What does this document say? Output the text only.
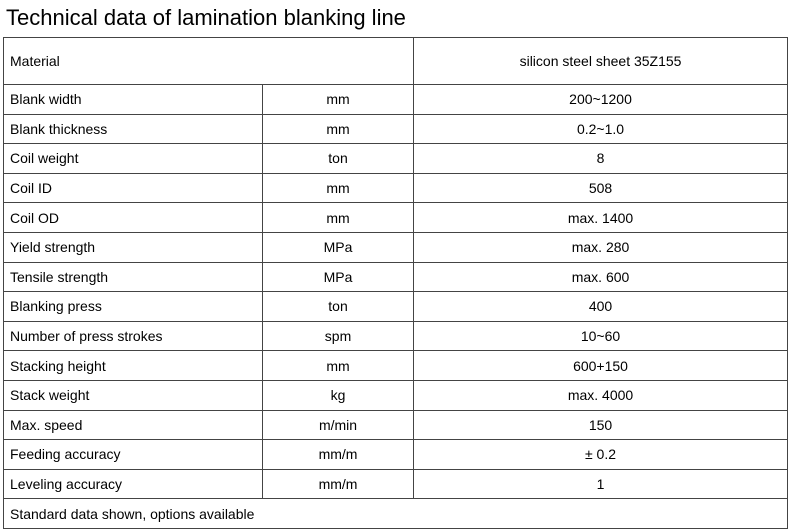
Technical data of lamination blanking line
Material		silicon steel sheet 35Z155
Blank width	mm	200~1200
Blank thickness	mm	0.2~1.0
Coil weight	ton	8
Coil ID	mm	508
Coil OD	mm	max. 1400
Yield strength	MPa	max. 280
Tensile strength	MPa	max. 600
Blanking press	ton	400
Number of press strokes	spm	10~60
Stacking height	mm	600+150
Stack weight	kg	max. 4000
Max. speed	m/min	150
Feeding accuracy	mm/m	± 0.2
Leveling accuracy	mm/m	1
Standard data shown, options available		
